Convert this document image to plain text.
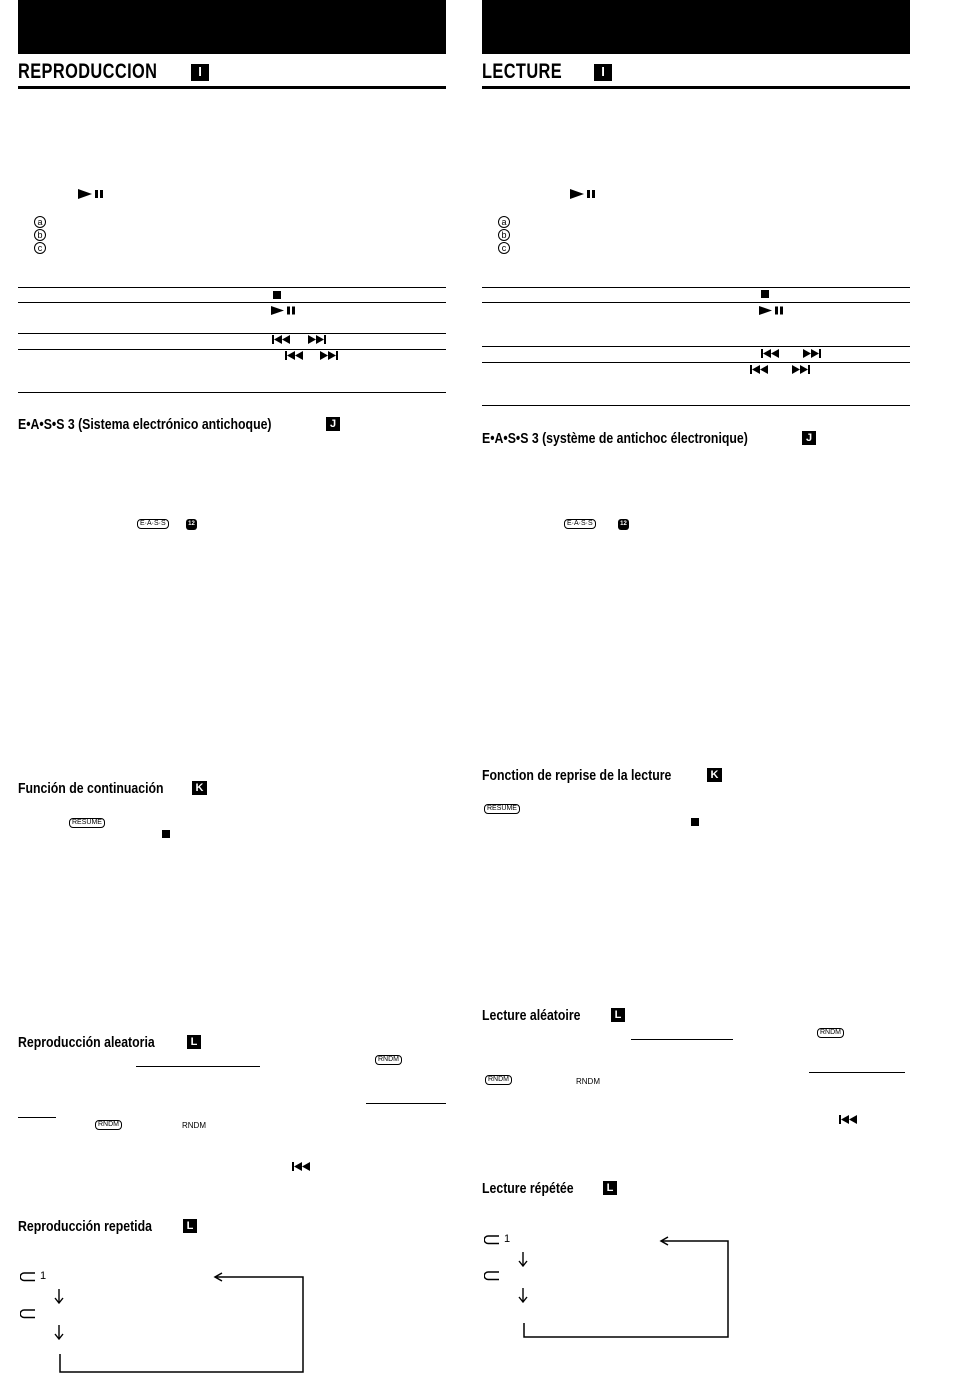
REPRODUCCION	I
a
b
c
E•A•S•S 3 (Sistema electrónico antichoque)	J
E·A·S·S	12
Función de continuación	K
RESUME
Reproducción aleatoria	L
RNDM
RNDM	RNDM
Reproducción repetida	L
1
LECTURE	I
a
b
c
E•A•S•S 3 (système de antichoc électronique)	J
E·A·S·S	12
Fonction de reprise de la lecture	K
RESUME
Lecture aléatoire	L
RNDM
RNDM	RNDM
Lecture répétée	L
1
